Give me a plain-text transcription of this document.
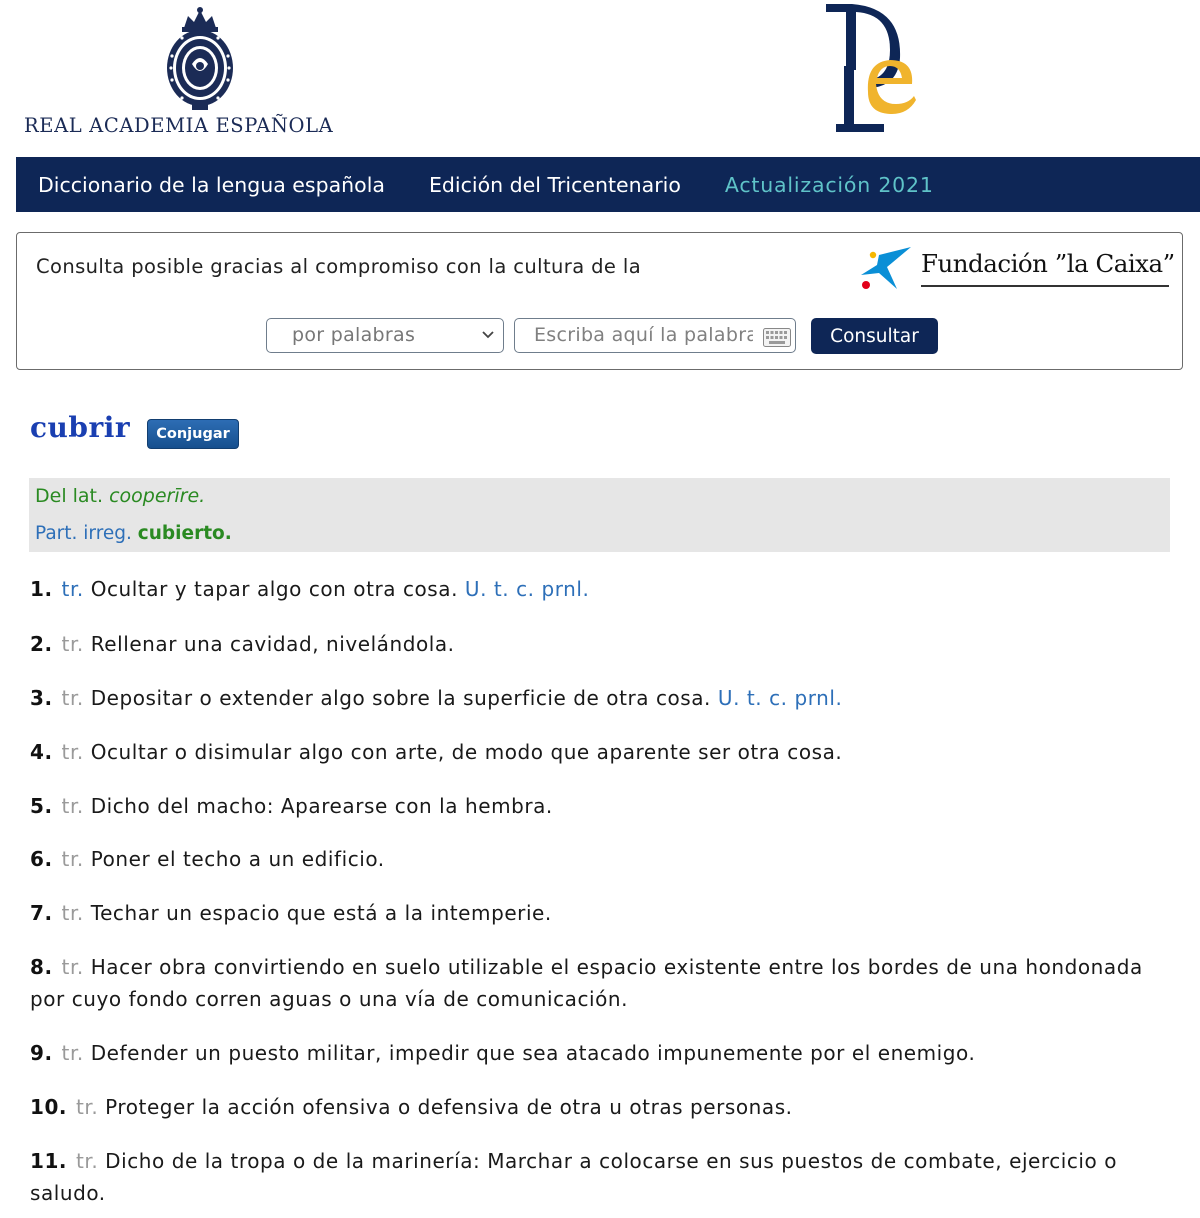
REAL ACADEMIA ESPAÑOLA
Diccionario de la lengua española Edición del Tricentenario Actualización 2021
Consulta posible gracias al compromiso con la cultura de la	Fundación ”la Caixa”
por palabras
Escriba aquí la palabra	Consultar
cubrir	Conjugar
Del lat. cooperīre.
Part. irreg. cubierto.
1. tr. Ocultar y tapar algo con otra cosa. U. t. c. prnl.
2. tr. Rellenar una cavidad, nivelándola.
3. tr. Depositar o extender algo sobre la superficie de otra cosa. U. t. c. prnl.
4. tr. Ocultar o disimular algo con arte, de modo que aparente ser otra cosa.
5. tr. Dicho del macho: Aparearse con la hembra.
6. tr. Poner el techo a un edificio.
7. tr. Techar un espacio que está a la intemperie.
8. tr. Hacer obra convirtiendo en suelo utilizable el espacio existente entre los bordes de una hondonada por cuyo fondo corren aguas o una vía de comunicación.
9. tr. Defender un puesto militar, impedir que sea atacado impunemente por el enemigo.
10. tr. Proteger la acción ofensiva o defensiva de otra u otras personas.
11. tr. Dicho de la tropa o de la marinería: Marchar a colocarse en sus puestos de combate, ejercicio o saludo.
